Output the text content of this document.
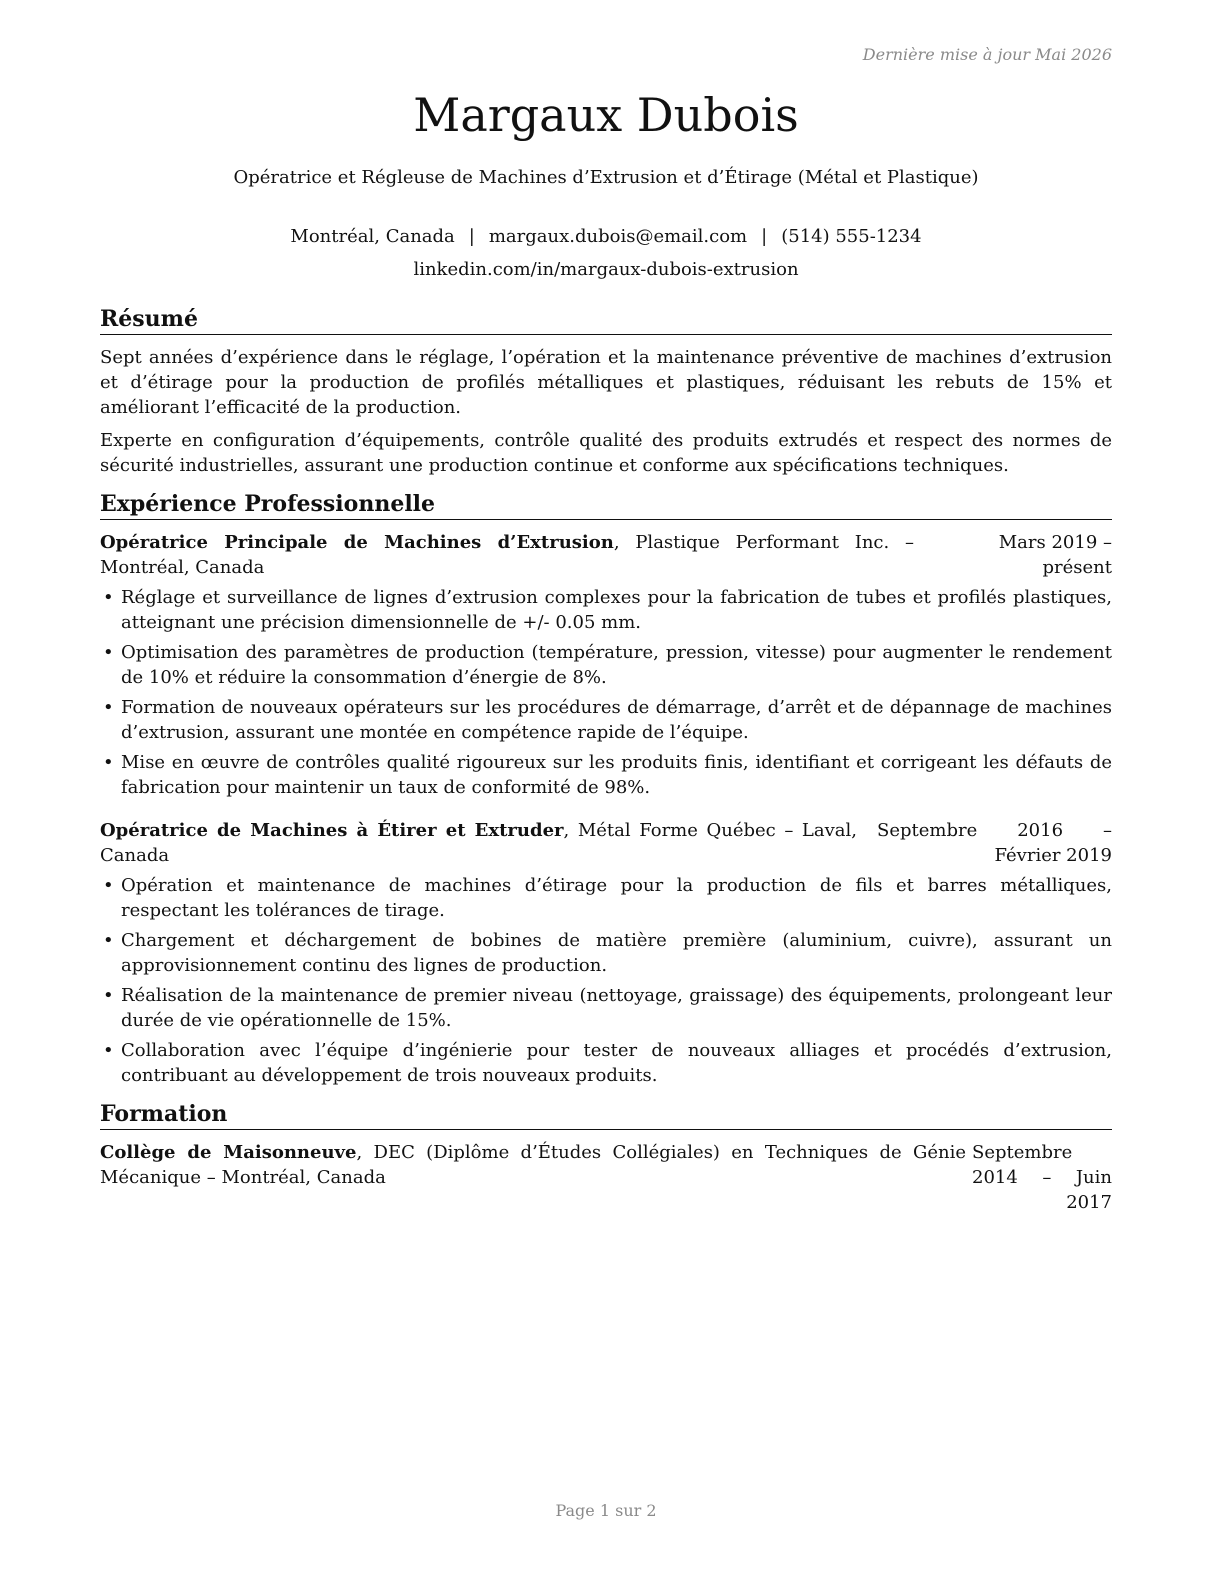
Dernière mise à jour Mai 2026
Margaux Dubois
Opératrice et Régleuse de Machines d’Extrusion et d’Étirage (Métal et Plastique)
Montréal, Canada | margaux.dubois@email.com | (514) 555-1234
linkedin.com/in/margaux-dubois-extrusion
Résumé

Sept années d’expérience dans le réglage, l’opération et la maintenance préventive de machines d’extrusion et d’étirage pour la production de profilés métalliques et plastiques, réduisant les rebuts de 15% et améliorant l’efficacité de la production.

Experte en configuration d’équipements, contrôle qualité des produits extrudés et respect des normes de sécurité industrielles, assurant une production continue et conforme aux spécifications techniques.

Expérience Professionnelle
Opératrice Principale de Machines d’Extrusion, Plastique Performant Inc. – Montréal, Canada
Mars 2019 – présent
• Réglage et surveillance de lignes d’extrusion complexes pour la fabrication de tubes et profilés plastiques, atteignant une précision dimensionnelle de +/- 0.05 mm.
• Optimisation des paramètres de production (température, pression, vitesse) pour augmenter le rendement de 10% et réduire la consommation d’énergie de 8%.
• Formation de nouveaux opérateurs sur les procédures de démarrage, d’arrêt et de dépannage de machines d’extrusion, assurant une montée en compétence rapide de l’équipe.
• Mise en œuvre de contrôles qualité rigoureux sur les produits finis, identifiant et corrigeant les défauts de fabrication pour maintenir un taux de conformité de 98%.
Opératrice de Machines à Étirer et Extruder, Métal Forme Québec – Laval, Canada
Septembre 2016 – Février 2019
• Opération et maintenance de machines d’étirage pour la production de fils et barres métalliques, respectant les tolérances de tirage.
• Chargement et déchargement de bobines de matière première (aluminium, cuivre), assurant un approvisionnement continu des lignes de production.
• Réalisation de la maintenance de premier niveau (nettoyage, graissage) des équipements, prolongeant leur durée de vie opérationnelle de 15%.
• Collaboration avec l’équipe d’ingénierie pour tester de nouveaux alliages et procédés d’extrusion, contribuant au développement de trois nouveaux produits.
Formation
Collège de Maisonneuve, DEC (Diplôme d’Études Collégiales) en Techniques de Génie Mécanique – Montréal, Canada
Septembre 2014 – Juin 2017
Page 1 sur 2
